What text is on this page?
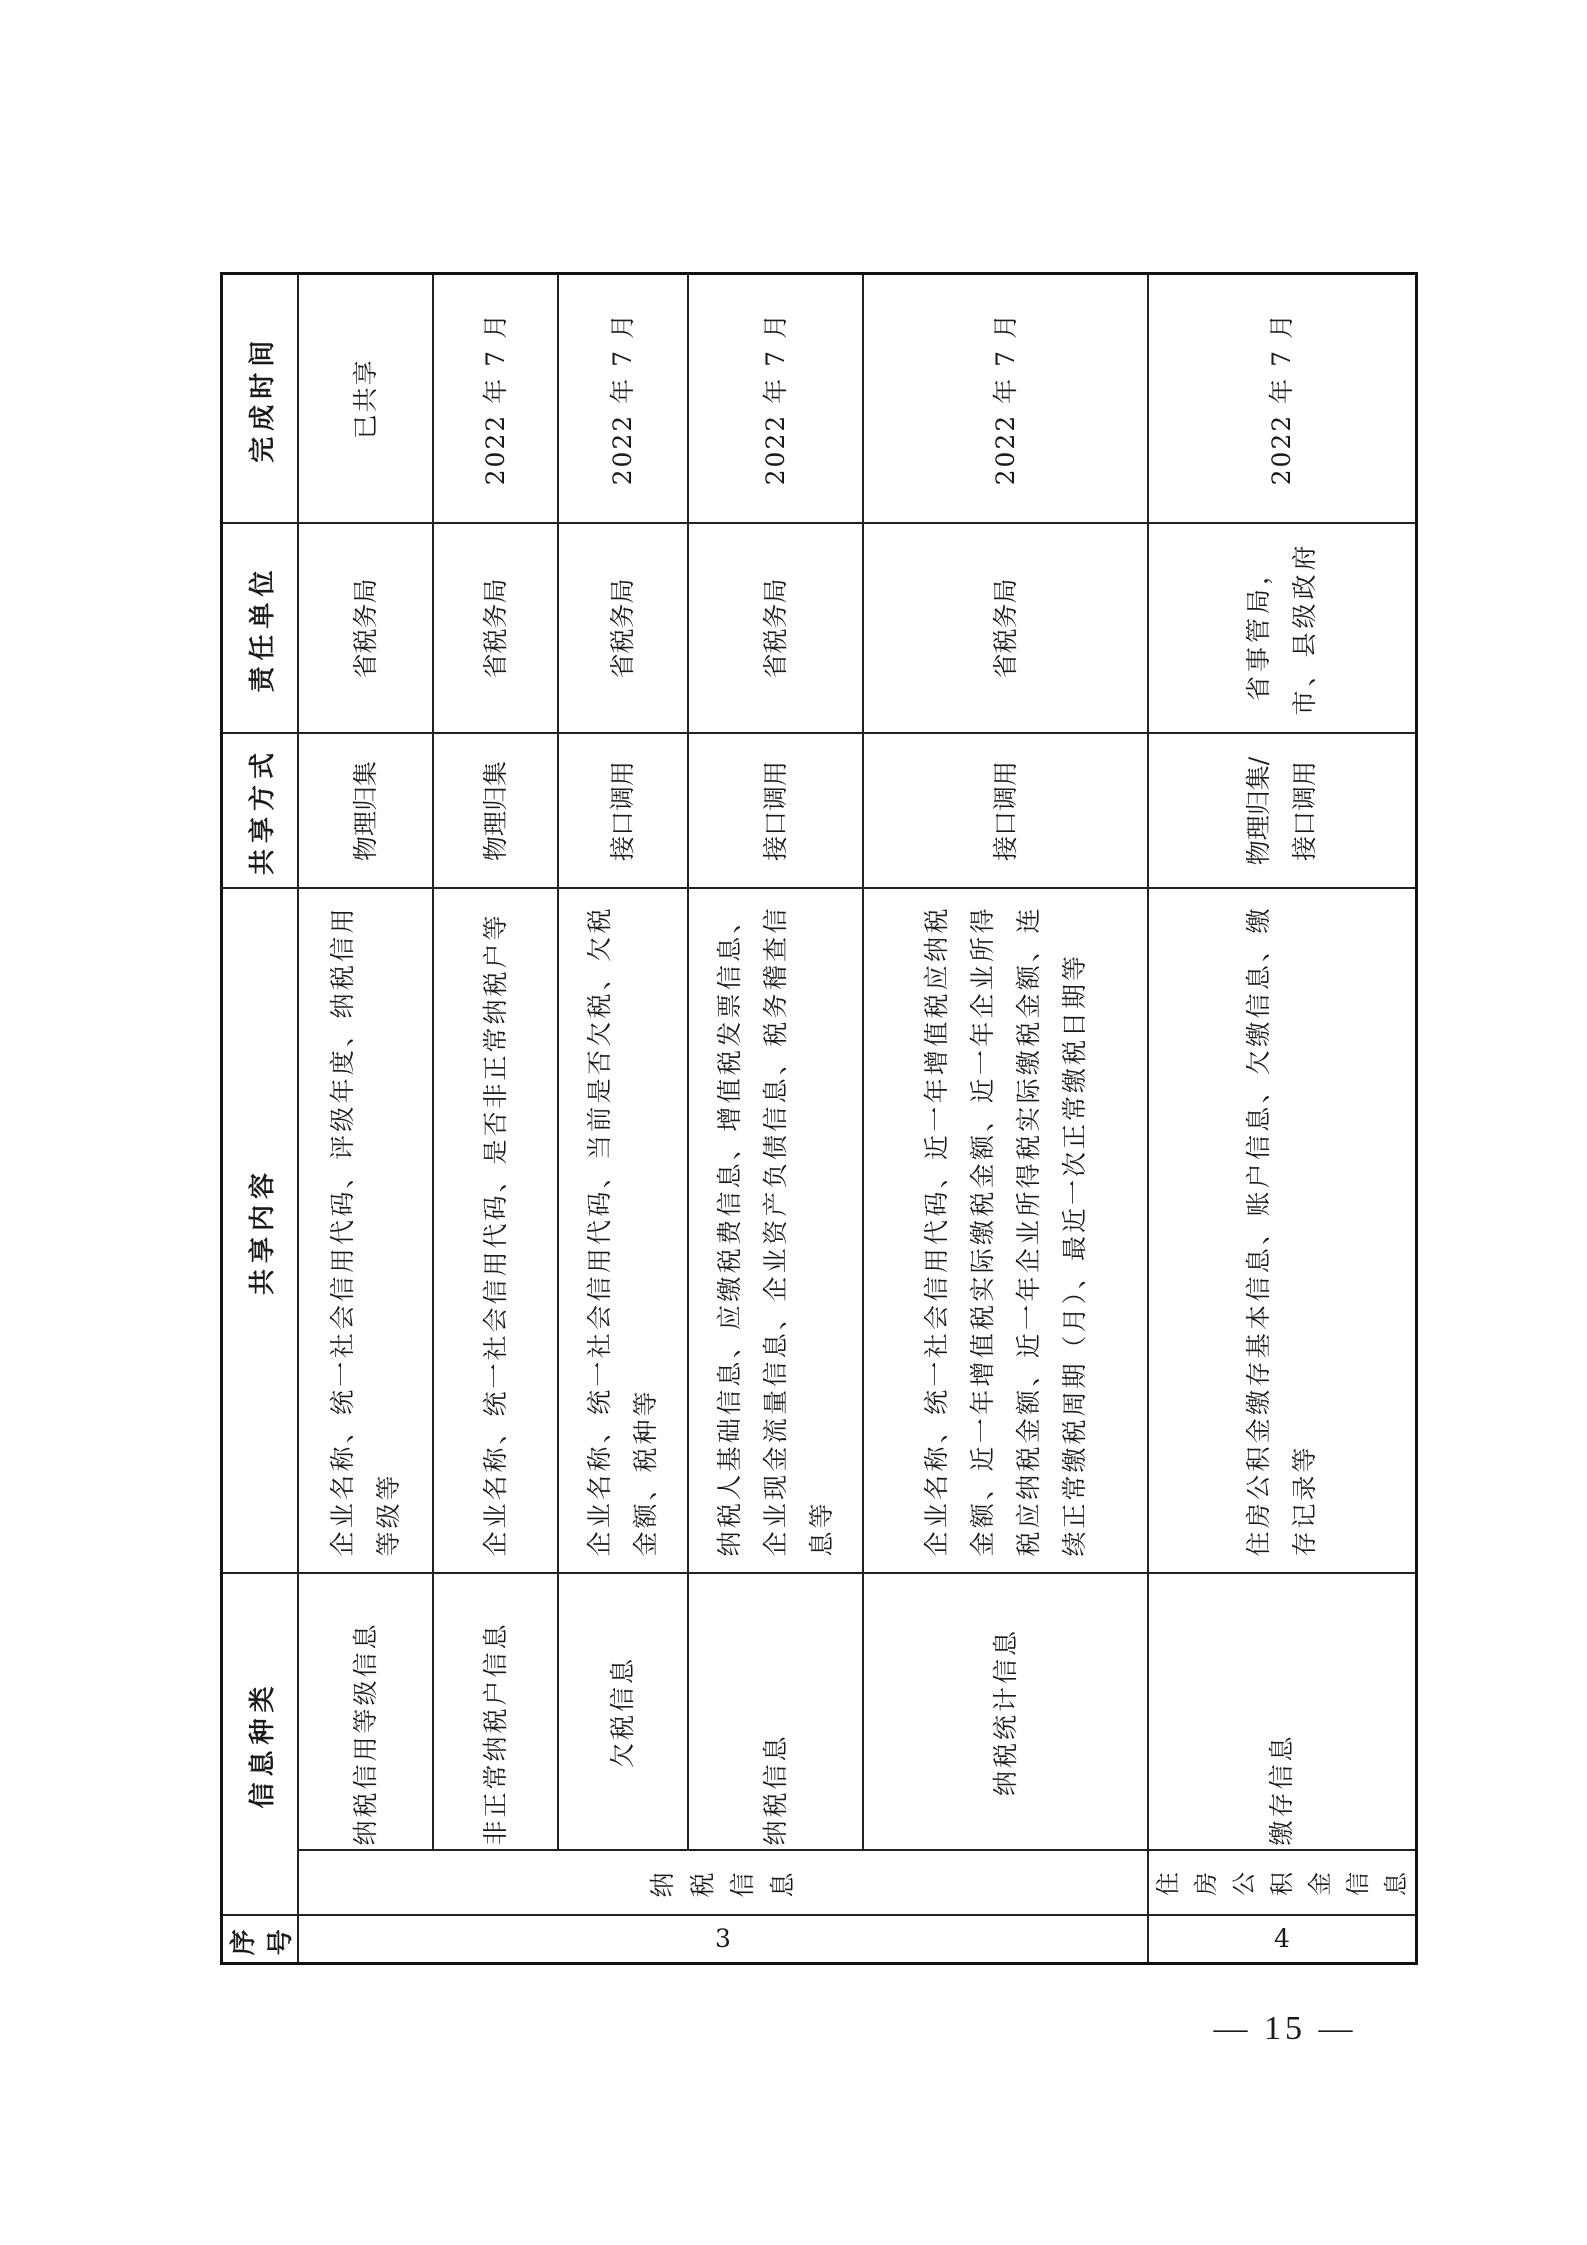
序号	信息种类		共享内容	共享方式	责任单位	完成时间
3	纳税信息	纳税信用等级信息	企业名称、统一社会信用代码、评级年度、纳税信用等级等	物理归集	省税务局	已共享
		非正常纳税户信息	企业名称、统一社会信用代码、是否非正常纳税户等	物理归集	省税务局	2022 年 7 月
		欠税信息	企业名称、统一社会信用代码、当前是否欠税、欠税金额、税种等	接口调用	省税务局	2022 年 7 月
		纳税信息	纳税人基础信息、应缴税费信息、增值税发票信息、企业现金流量信息、企业资产负债信息、税务稽查信息等	接口调用	省税务局	2022 年 7 月
		纳税统计信息	企业名称、统一社会信用代码、近一年增值税应纳税金额、近一年增值税实际缴税金额、近一年企业所得税应纳税金额、近一年企业所得税实际缴税金额、连续正常缴税周期（月）、最近一次正常缴税日期等	接口调用	省税务局	2022 年 7 月
4	住房公积金信息	缴存信息	住房公积金缴存基本信息、账户信息、欠缴信息、缴存记录等	物理归集/ 接口调用	省事管局， 市、县级政府	2022 年 7 月
— 15 —
